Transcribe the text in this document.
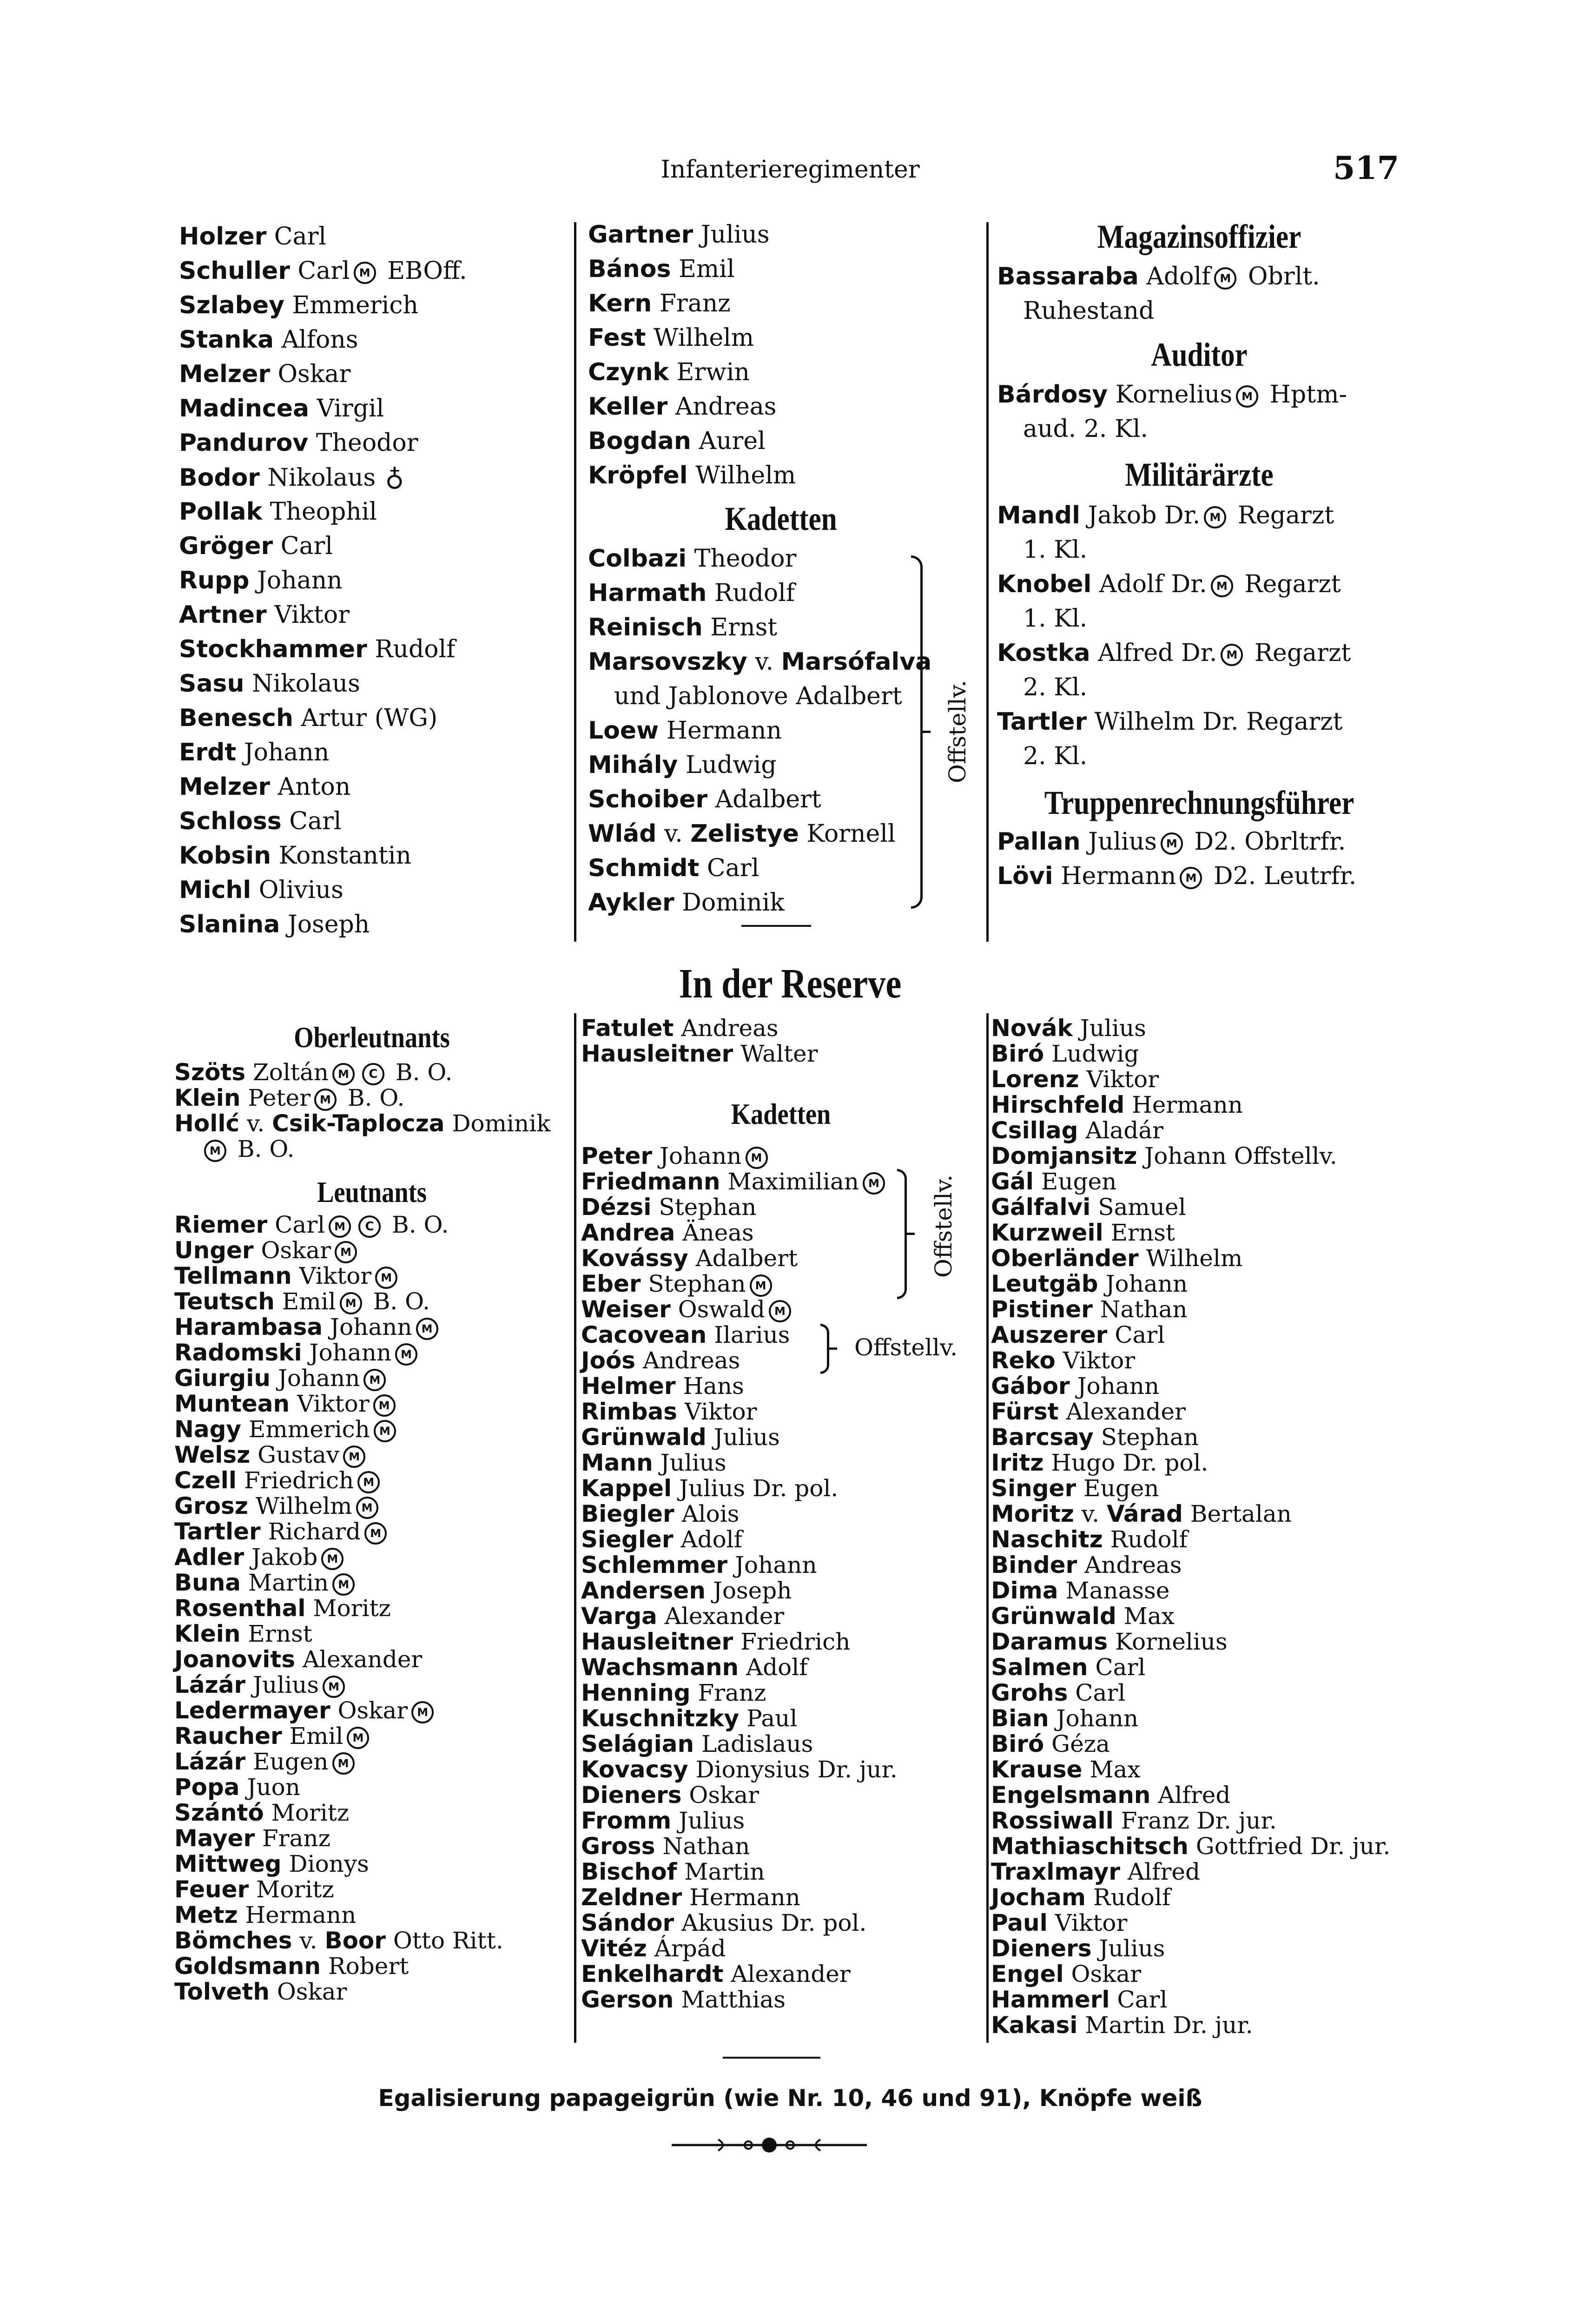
Infanterieregimenter	517
Holzer Carl
Schuller Carl M EBOff.
Szlabey Emmerich
Stanka Alfons
Melzer Oskar
Madincea Virgil
Pandurov Theodor
Bodor Nikolaus ♁
Pollak Theophil
Gröger Carl
Rupp Johann
Artner Viktor
Stockhammer Rudolf
Sasu Nikolaus
Benesch Artur (WG)
Erdt Johann
Melzer Anton
Schloss Carl
Kobsin Konstantin
Michl Olivius
Slanina Joseph
Gartner Julius
Bános Emil
Kern Franz
Fest Wilhelm
Czynk Erwin
Keller Andreas
Bogdan Aurel
Kröpfel Wilhelm
Kadetten
Colbazi Theodor
Harmath Rudolf
Reinisch Ernst
Marsovszky v. Marsófalva
und Jablonove Adalbert
Loew Hermann
Mihály Ludwig
Schoiber Adalbert
Wlád v. Zelistye Kornell
Schmidt Carl
Aykler Dominik
Offstellv.
Magazinsoffizier
Bassaraba Adolf M Obrlt.
Ruhestand
Auditor
Bárdosy Kornelius M Hptm-
aud. 2. Kl.
Militärärzte
Mandl Jakob Dr. M Regarzt
1. Kl.
Knobel Adolf Dr. M Regarzt
1. Kl.
Kostka Alfred Dr. M Regarzt
2. Kl.
Tartler Wilhelm Dr. Regarzt
2. Kl.
Truppenrechnungsführer
Pallan Julius M D2. Obrltrfr.
Lövi Hermann M D2. Leutrfr.
In der Reserve
Oberleutnants
Szöts Zoltán M C B. O.
Klein Peter M B. O.
Hollć v. Csik-Taplocza Dominik
M B. O.
Leutnants
Riemer Carl M C B. O.
Unger Oskar M
Tellmann Viktor M
Teutsch Emil M B. O.
Harambasa Johann M
Radomski Johann M
Giurgiu Johann M
Muntean Viktor M
Nagy Emmerich M
Welsz Gustav M
Czell Friedrich M
Grosz Wilhelm M
Tartler Richard M
Adler Jakob M
Buna Martin M
Rosenthal Moritz
Klein Ernst
Joanovits Alexander
Lázár Julius M
Ledermayer Oskar M
Raucher Emil M
Lázár Eugen M
Popa Juon
Szántó Moritz
Mayer Franz
Mittweg Dionys
Feuer Moritz
Metz Hermann
Bömches v. Boor Otto Ritt.
Goldsmann Robert
Tolveth Oskar
Fatulet Andreas
Hausleitner Walter
Kadetten
Peter Johann M
Friedmann Maximilian M
Dézsi Stephan
Andrea Äneas
Kovássy Adalbert
Eber Stephan M
Weiser Oswald M
Cacovean Ilarius
Joós Andreas
Helmer Hans
Rimbas Viktor
Grünwald Julius
Mann Julius
Kappel Julius Dr. pol.
Biegler Alois
Siegler Adolf
Schlemmer Johann
Andersen Joseph
Varga Alexander
Hausleitner Friedrich
Wachsmann Adolf
Henning Franz
Kuschnitzky Paul
Selágian Ladislaus
Kovacsy Dionysius Dr. jur.
Dieners Oskar
Fromm Julius
Gross Nathan
Bischof Martin
Zeldner Hermann
Sándor Akusius Dr. pol.
Vitéz Árpád
Enkelhardt Alexander
Gerson Matthias
Offstellv.
Offstellv.
Novák Julius
Biró Ludwig
Lorenz Viktor
Hirschfeld Hermann
Csillag Aladár
Domjansitz Johann Offstellv.
Gál Eugen
Gálfalvi Samuel
Kurzweil Ernst
Oberländer Wilhelm
Leutgäb Johann
Pistiner Nathan
Auszerer Carl
Reko Viktor
Gábor Johann
Fürst Alexander
Barcsay Stephan
Iritz Hugo Dr. pol.
Singer Eugen
Moritz v. Várad Bertalan
Naschitz Rudolf
Binder Andreas
Dima Manasse
Grünwald Max
Daramus Kornelius
Salmen Carl
Grohs Carl
Bian Johann
Biró Géza
Krause Max
Engelsmann Alfred
Rossiwall Franz Dr. jur.
Mathiaschitsch Gottfried Dr. jur.
Traxlmayr Alfred
Jocham Rudolf
Paul Viktor
Dieners Julius
Engel Oskar
Hammerl Carl
Kakasi Martin Dr. jur.
Egalisierung papageigrün (wie Nr. 10, 46 und 91), Knöpfe weiß
